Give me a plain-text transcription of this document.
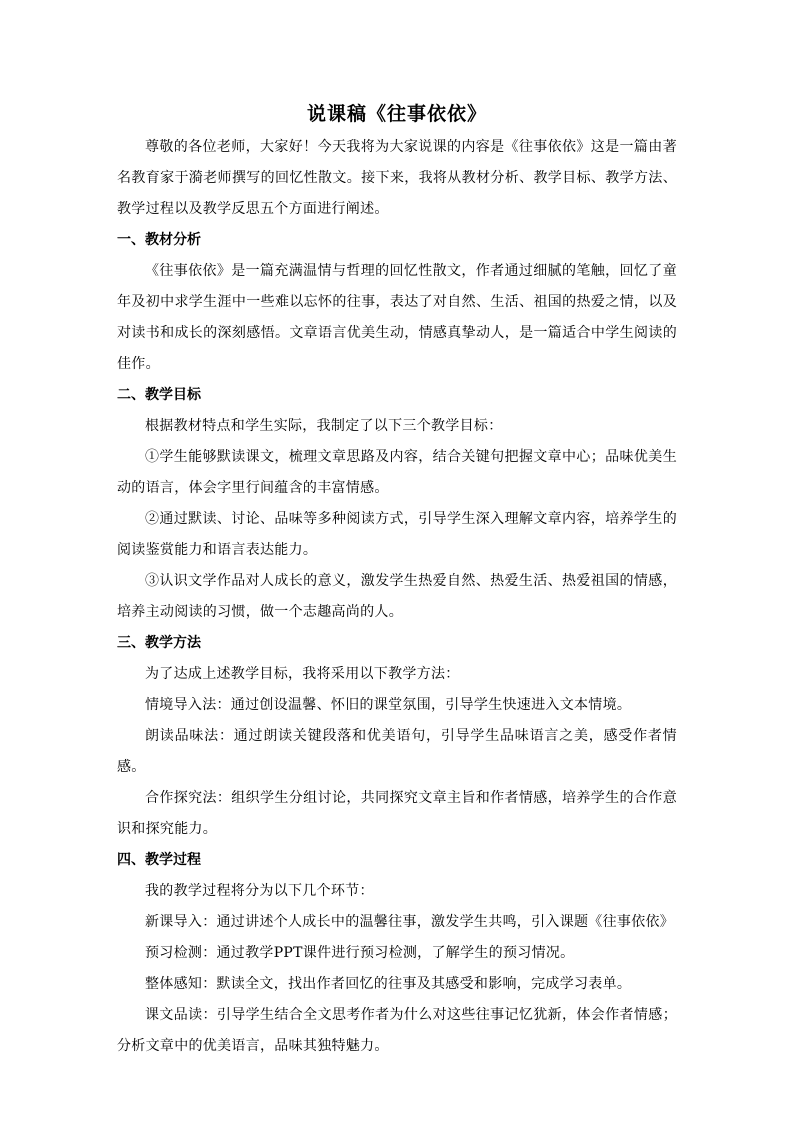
说课稿《往事依依》

尊敬的各位老师，大家好！今天我将为大家说课的内容是《往事依依》这是一篇由著名教育家于漪老师撰写的回忆性散文。接下来，我将从教材分析、教学目标、教学方法、教学过程以及教学反思五个方面进行阐述。

一、教材分析

《往事依依》是一篇充满温情与哲理的回忆性散文，作者通过细腻的笔触，回忆了童年及初中求学生涯中一些难以忘怀的往事，表达了对自然、生活、祖国的热爱之情，以及对读书和成长的深刻感悟。文章语言优美生动，情感真挚动人，是一篇适合中学生阅读的佳作。

二、教学目标

根据教材特点和学生实际，我制定了以下三个教学目标：

①学生能够默读课文，梳理文章思路及内容，结合关键句把握文章中心；品味优美生动的语言，体会字里行间蕴含的丰富情感。

②通过默读、讨论、品味等多种阅读方式，引导学生深入理解文章内容，培养学生的阅读鉴赏能力和语言表达能力。

③认识文学作品对人成长的意义，激发学生热爱自然、热爱生活、热爱祖国的情感，培养主动阅读的习惯，做一个志趣高尚的人。

三、教学方法

为了达成上述教学目标，我将采用以下教学方法：

情境导入法：通过创设温馨、怀旧的课堂氛围，引导学生快速进入文本情境。

朗读品味法：通过朗读关键段落和优美语句，引导学生品味语言之美，感受作者情感。

合作探究法：组织学生分组讨论，共同探究文章主旨和作者情感，培养学生的合作意识和探究能力。

四、教学过程

我的教学过程将分为以下几个环节：

新课导入：通过讲述个人成长中的温馨往事，激发学生共鸣，引入课题《往事依依》

预习检测：通过教学PPT课件进行预习检测，了解学生的预习情况。

整体感知：默读全文，找出作者回忆的往事及其感受和影响，完成学习表单。

课文品读：引导学生结合全文思考作者为什么对这些往事记忆犹新，体会作者情感；分析文章中的优美语言，品味其独特魅力。
